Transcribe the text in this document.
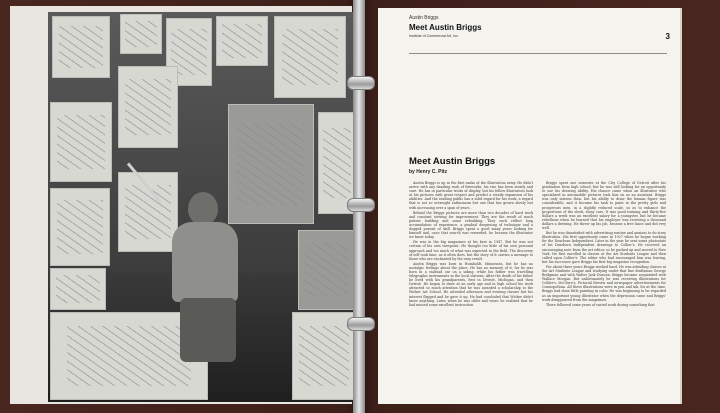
Austin Briggs
Meet Austin Briggs
Institute of Commercial Art, Inc.	3
Meet Austin Briggs
by Henry C. Pitz

Austin Briggs is up in the first ranks of the illustration army. He didn't arrive with any dazzling rush of fireworks; his rise has been steady and sure. He has in particular tricks of display, but his fellow illustrators look at his pictures with great respect and predict a steady expansion of his abilities. And the reading public has a solid regard for his work, a regard that is not so overnight enthusiasm but one that has grown slowly but with increasing over a span of years.

Behind the Briggs pictures are more than two decades of hard work and constant striving for improvement. They are the result of much patient building and some rebuilding. They each reflect long accumulation of experience, a gradual deepening of technique and a dogged pursuit of skill. Briggs spent a good many years looking for himself and, once that search was rewarded, he became the illustrator we know today.

He was in the big magazines at his best in 1947. But he was not certain of his own viewpoint. He thought too little of his own personal approach and too much of what was expected in the field. The discovery of self took time, as it often does, but the story of it carries a message to those who are enchanted by the easy result.

Austin Briggs was born in Humboldt, Minnesota, but he has no nostalgic feelings about the place. He has no memory of it, for he was born in a railroad car on a siding, while his father was travelling telegraphic instruments in the local stations. After the death of his father he lived with his grandparents, first in Detroit, Michigan, and then Detroit. He began to draw at an early age and in high school his work attracted so much attention that he was awarded a scholarship to the Wicker Art School. He attended afternoon and evening classes but his interest flagged and he gave it up. He had concluded that Wicker didn't know anything. Later, when he was older and wiser, he realized that he had missed some excellent instruction.

Briggs spent one semester at the City College of Detroit after his graduation from high school, but he was still looking for an opportunity to use his drawing ability. His chance came when an illustrator who specialized in automobile pictures took him on as an assistant. Briggs was only sixteen then, but his ability to draw the human figure was considerable, and it became his task to paint in the pretty girls and prosperous men, in a slightly reduced scale, so as to enhance the proportions of the sleek, shiny cars. It was good training and thirty-five dollars a week was an excellent salary for a youngster, but he became rebellious when he learned that his employer was receiving a thousand dollars a drawing. He threw up his job, became a free lance and did very well.

But he was dissatisfied with advertising routine and anxious to do story illustration. His first opportunity came in 1927 when he began working for the Dearborn Independent. Later in the year he sent some photostats of his Dearborn Independent drawings to Collier's. He received an encouraging note from the art editor, so he packed up and moved to New York. He first enrolled in classes at the Art Students League and then called upon Collier's. The editor who had encouraged him was leaving, but his successor gave Briggs his first big magazine recognition.

For about three years Briggs worked hard. He was attending classes at the Art Students League and studying under that fine draftsman George Bridgman and with Walter Jack Duncan. Briggs became acquainted with Wallace Morgan. But unfortunately he was receiving illustrations for Collier's, McClure's, Pictorial Review and newspaper advertisements for Cosmopolitan. All these illustrations were in pen and ink, for at the time, Briggs had done little painting in color. He was beginning to be regarded as an important young illustrator when the depression came and Briggs' work disappeared from the magazines.

There followed some years of varied work during something that
